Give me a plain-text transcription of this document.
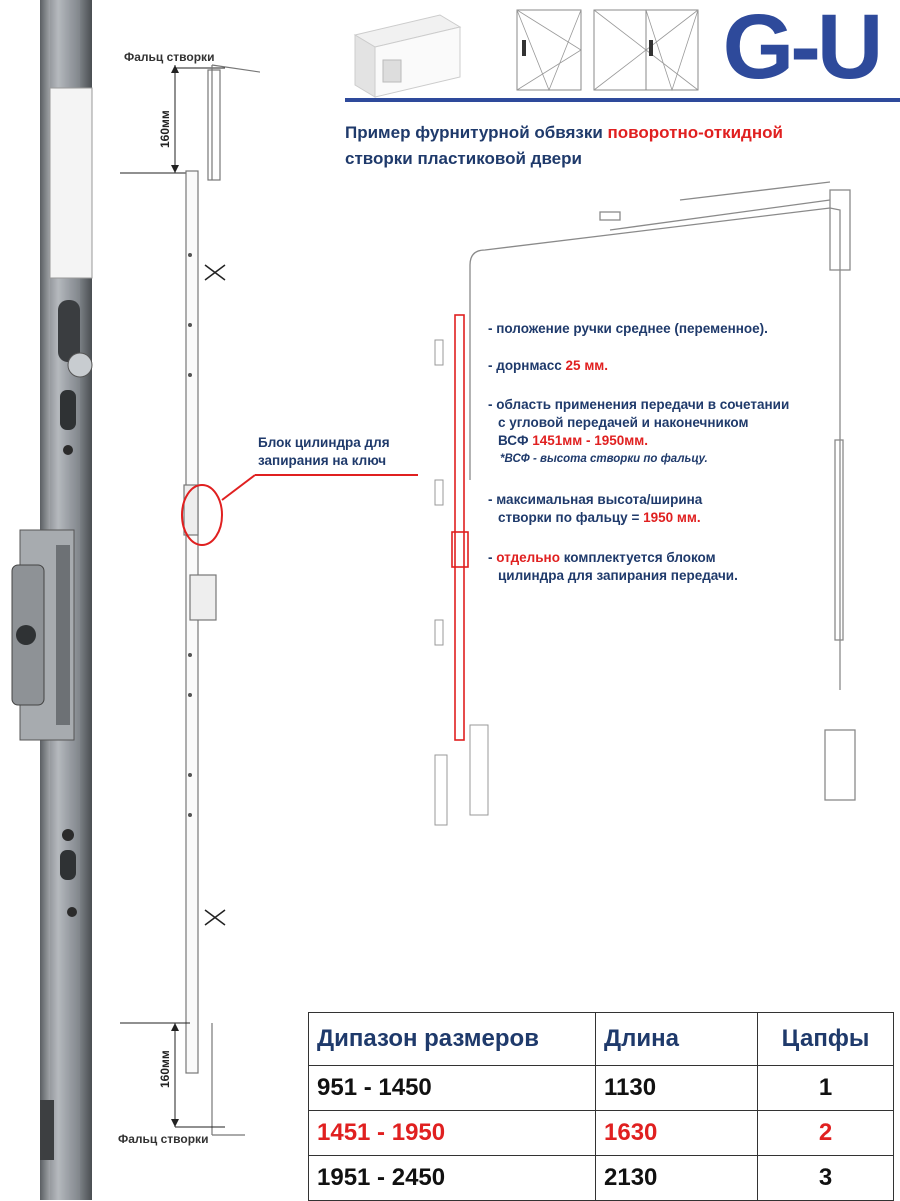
Фальц створки
160мм
Блок цилиндра для
запирания на ключ
160мм
Фальц створки
G-U
Пример фурнитурной обвязки поворотно-откидной
створки пластиковой двери
- положение ручки среднее (переменное).
- дорнмасс 25 мм.
- область применения передачи в сочетании
с угловой передачей и наконечником
ВСФ 1451мм - 1950мм.
*ВСФ - высота створки по фальцу.
- максимальная высота/ширина
створки по фальцу = 1950 мм.
- отдельно комплектуется блоком
цилиндра для запирания передачи.
Дипазон размеров	Длина	Цапфы
951 - 1450	1130	1
1451 - 1950	1630	2
1951 - 2450	2130	3
